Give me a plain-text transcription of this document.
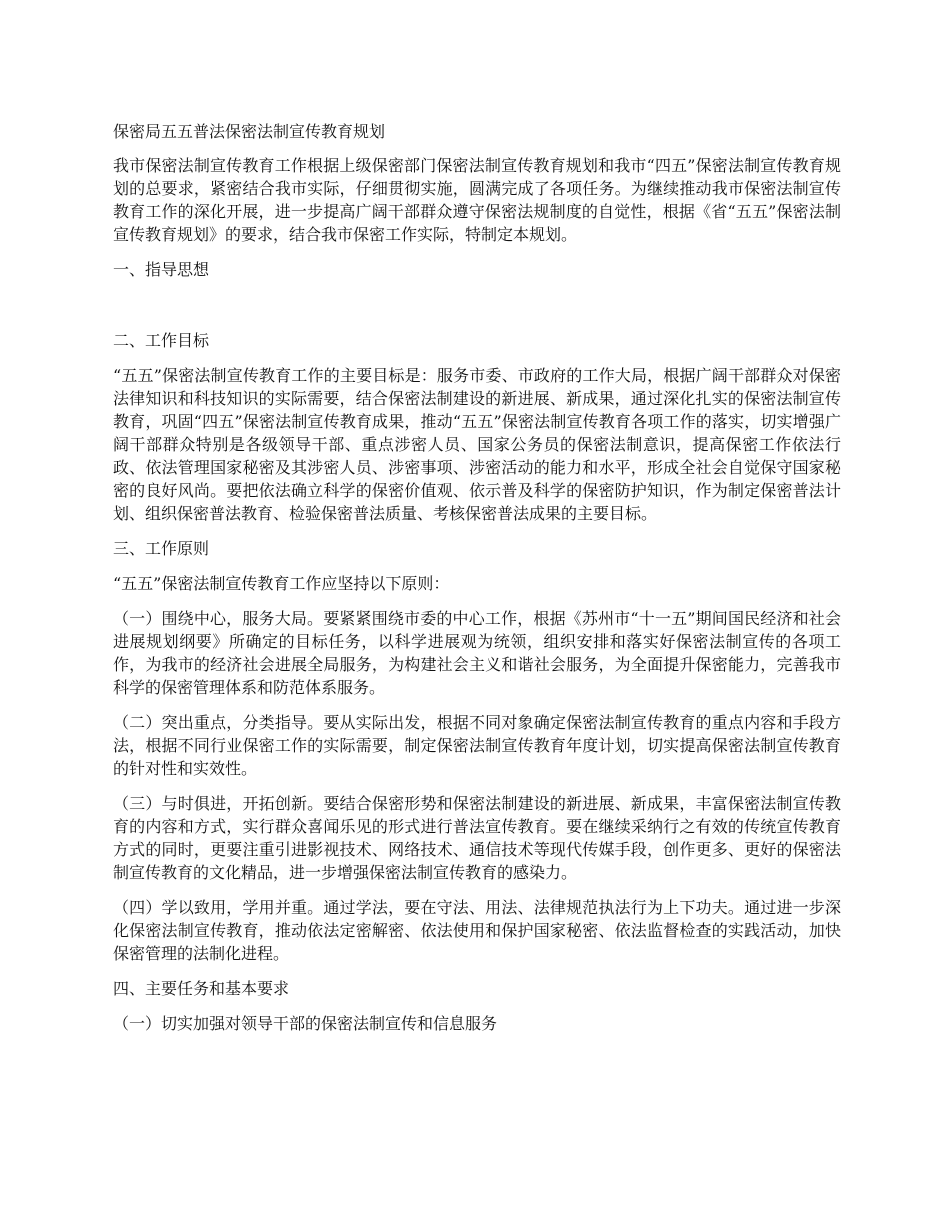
保密局五五普法保密法制宣传教育规划
我市保密法制宣传教育工作根据上级保密部门保密法制宣传教育规划和我市“四五”保密法制宣传教育规划的总要求，紧密结合我市实际，仔细贯彻实施，圆满完成了各项任务。为继续推动我市保密法制宣传教育工作的深化开展，进一步提高广阔干部群众遵守保密法规制度的自觉性，根据《省“五五”保密法制宣传教育规划》的要求，结合我市保密工作实际，特制定本规划。
一、指导思想
二、工作目标
“五五”保密法制宣传教育工作的主要目标是：服务市委、市政府的工作大局，根据广阔干部群众对保密法律知识和科技知识的实际需要，结合保密法制建设的新进展、新成果，通过深化扎实的保密法制宣传教育，巩固“四五”保密法制宣传教育成果，推动“五五”保密法制宣传教育各项工作的落实，切实增强广阔干部群众特别是各级领导干部、重点涉密人员、国家公务员的保密法制意识，提高保密工作依法行政、依法管理国家秘密及其涉密人员、涉密事项、涉密活动的能力和水平，形成全社会自觉保守国家秘密的良好风尚。要把依法确立科学的保密价值观、依示普及科学的保密防护知识，作为制定保密普法计划、组织保密普法教育、检验保密普法质量、考核保密普法成果的主要目标。
三、工作原则
“五五”保密法制宣传教育工作应坚持以下原则：
（一）围绕中心，服务大局。要紧紧围绕市委的中心工作，根据《苏州市“十一五”期间国民经济和社会进展规划纲要》所确定的目标任务，以科学进展观为统领，组织安排和落实好保密法制宣传的各项工作，为我市的经济社会进展全局服务，为构建社会主义和谐社会服务，为全面提升保密能力，完善我市科学的保密管理体系和防范体系服务。
（二）突出重点，分类指导。要从实际出发，根据不同对象确定保密法制宣传教育的重点内容和手段方法，根据不同行业保密工作的实际需要，制定保密法制宣传教育年度计划，切实提高保密法制宣传教育的针对性和实效性。
（三）与时俱进，开拓创新。要结合保密形势和保密法制建设的新进展、新成果，丰富保密法制宣传教育的内容和方式，实行群众喜闻乐见的形式进行普法宣传教育。要在继续采纳行之有效的传统宣传教育方式的同时，更要注重引进影视技术、网络技术、通信技术等现代传媒手段，创作更多、更好的保密法制宣传教育的文化精品，进一步增强保密法制宣传教育的感染力。
（四）学以致用，学用并重。通过学法，要在守法、用法、法律规范执法行为上下功夫。通过进一步深化保密法制宣传教育，推动依法定密解密、依法使用和保护国家秘密、依法监督检查的实践活动，加快保密管理的法制化进程。
四、主要任务和基本要求
（一）切实加强对领导干部的保密法制宣传和信息服务
